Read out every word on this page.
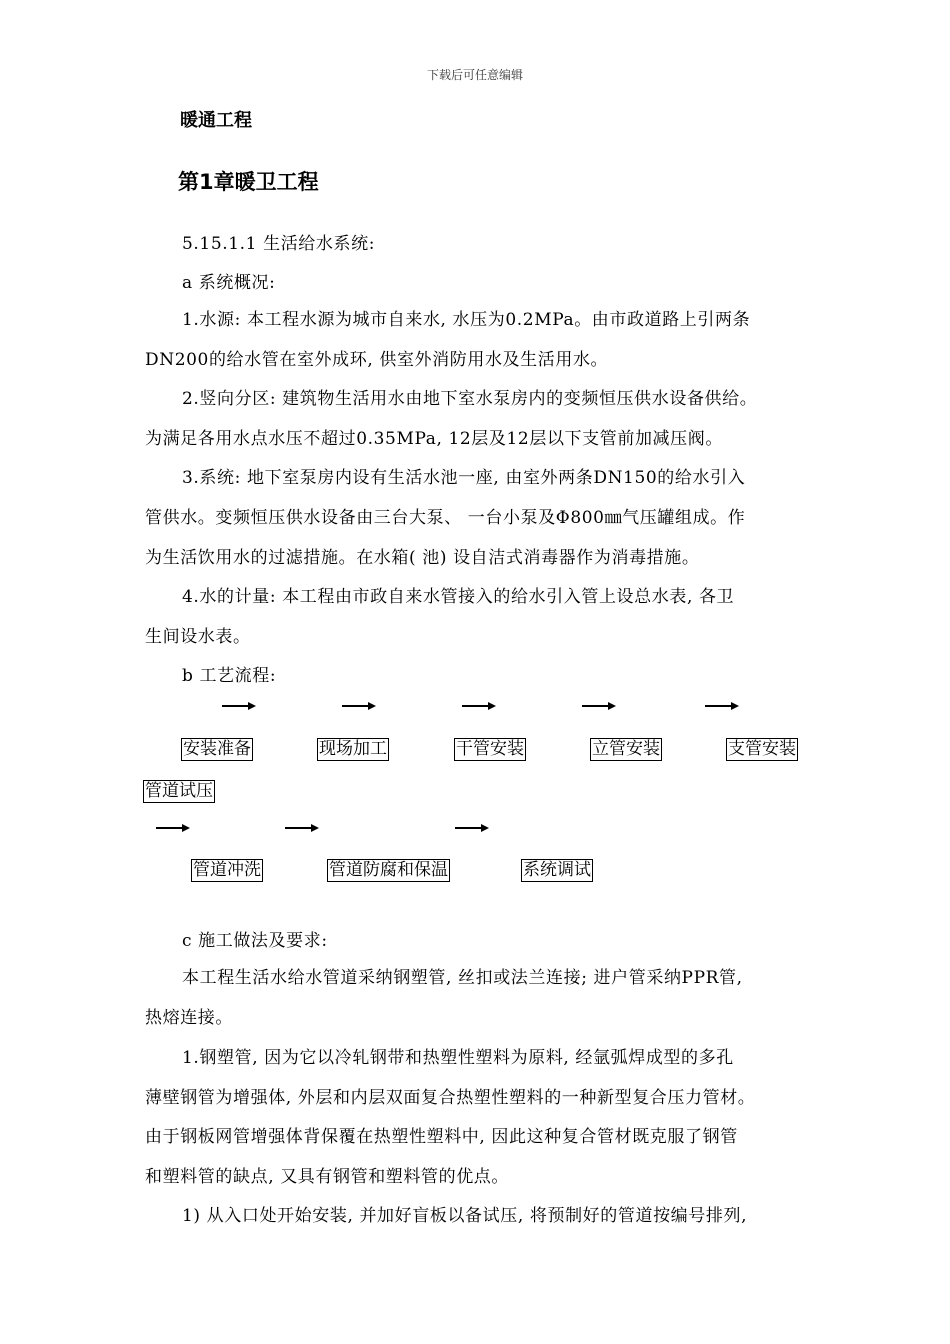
下载后可任意编辑
暖通工程
第1章暖卫工程
5.15.1.1 生活给水系统:
a 系统概况:
1.水源: 本工程水源为城市自来水, 水压为0.2MPa。由市政道路上引两条
DN200的给水管在室外成环, 供室外消防用水及生活用水。
2.竖向分区: 建筑物生活用水由地下室水泵房内的变频恒压供水设备供给。
为满足各用水点水压不超过0.35MPa, 12层及12层以下支管前加减压阀。
3.系统: 地下室泵房内设有生活水池一座, 由室外两条DN150的给水引入
管供水。变频恒压供水设备由三台大泵、 一台小泵及Φ800㎜气压罐组成。作
为生活饮用水的过滤措施。在水箱( 池) 设自洁式消毒器作为消毒措施。
4.水的计量: 本工程由市政自来水管接入的给水引入管上设总水表, 各卫
生间设水表。
b 工艺流程:
安装准备	现场加工	干管安装	立管安装	支管安装
管道试压
管道冲洗	管道防腐和保温	系统调试
c 施工做法及要求:
本工程生活水给水管道采纳钢塑管, 丝扣或法兰连接; 进户管采纳PPR管,
热熔连接。
1.钢塑管, 因为它以冷轧钢带和热塑性塑料为原料, 经氩弧焊成型的多孔
薄壁钢管为增强体, 外层和内层双面复合热塑性塑料的一种新型复合压力管材。
由于钢板网管增强体背保覆在热塑性塑料中, 因此这种复合管材既克服了钢管
和塑料管的缺点, 又具有钢管和塑料管的优点。
1) 从入口处开始安装, 并加好盲板以备试压, 将预制好的管道按编号排列,
